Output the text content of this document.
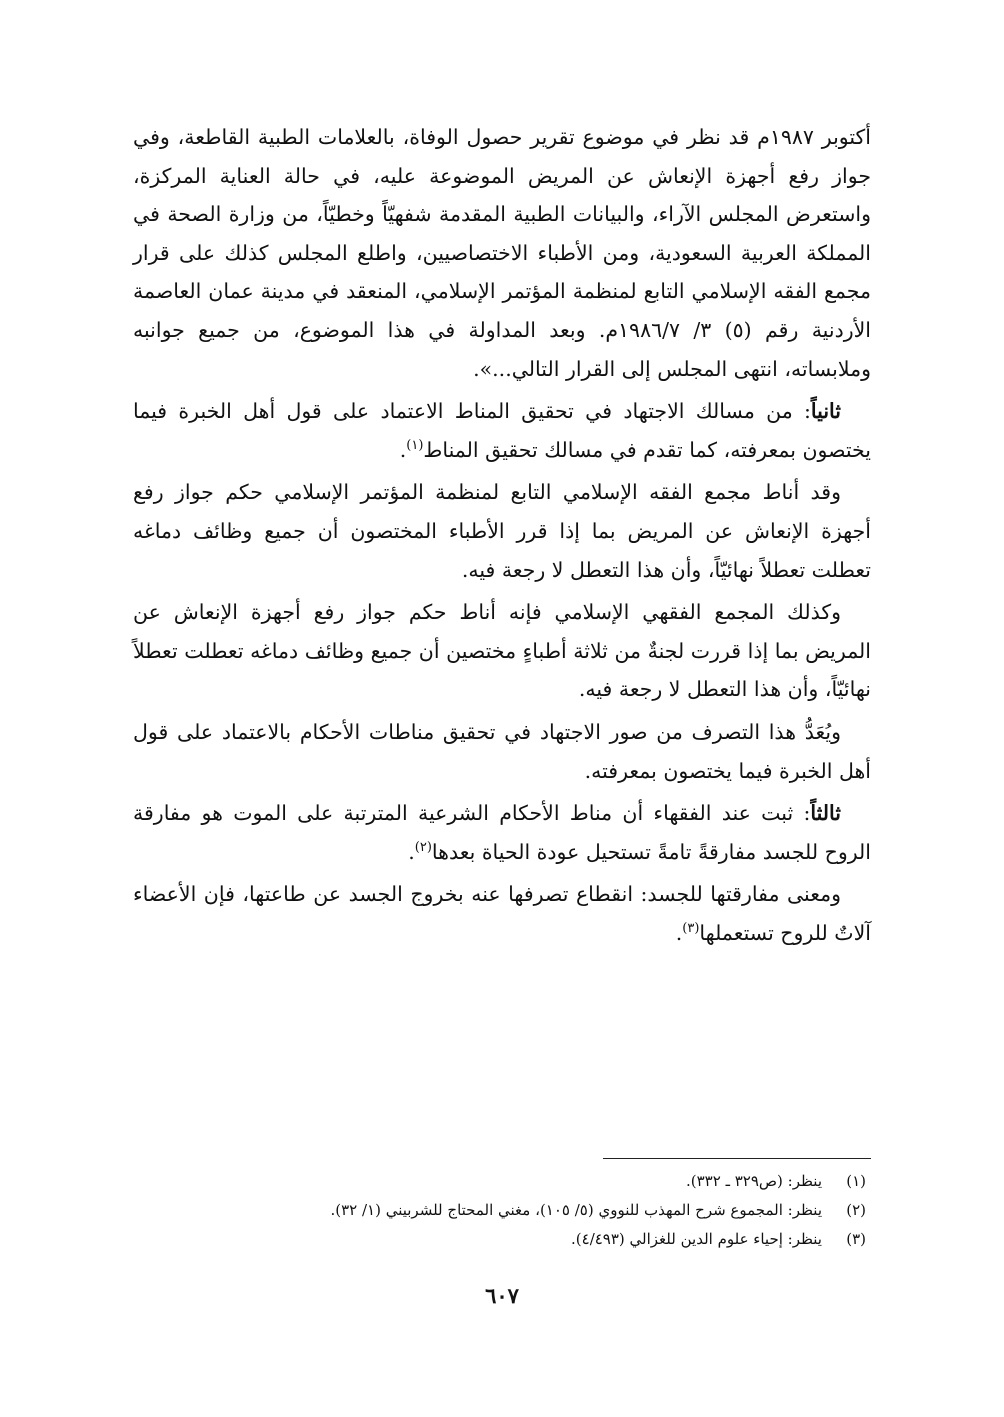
أكتوبر ١٩٨٧م قد نظر في موضوع تقرير حصول الوفاة، بالعلامات الطبية القاطعة، وفي جواز رفع أجهزة الإنعاش عن المريض الموضوعة عليه، في حالة العناية المركزة، واستعرض المجلس الآراء، والبيانات الطبية المقدمة شفهيّاً وخطيّاً، من وزارة الصحة في المملكة العربية السعودية، ومن الأطباء الاختصاصيين، واطلع المجلس كذلك على قرار مجمع الفقه الإسلامي التابع لمنظمة المؤتمر الإسلامي، المنعقد في مدينة عمان العاصمة الأردنية رقم (٥) ٣/ ١٩٨٦/٧م. وبعد المداولة في هذا الموضوع، من جميع جوانبه وملابساته، انتهى المجلس إلى القرار التالي...».

ثانياً: من مسالك الاجتهاد في تحقيق المناط الاعتماد على قول أهل الخبرة فيما يختصون بمعرفته، كما تقدم في مسالك تحقيق المناط$^{(١)}$.

وقد أناط مجمع الفقه الإسلامي التابع لمنظمة المؤتمر الإسلامي حكم جواز رفع أجهزة الإنعاش عن المريض بما إذا قرر الأطباء المختصون أن جميع وظائف دماغه تعطلت تعطلاً نهائيّاً، وأن هذا التعطل لا رجعة فيه.

وكذلك المجمع الفقهي الإسلامي فإنه أناط حكم جواز رفع أجهزة الإنعاش عن المريض بما إذا قررت لجنةٌ من ثلاثة أطباءٍ مختصين أن جميع وظائف دماغه تعطلت تعطلاً نهائيّاً، وأن هذا التعطل لا رجعة فيه.

ويُعَدُّ هذا التصرف من صور الاجتهاد في تحقيق مناطات الأحكام بالاعتماد على قول أهل الخبرة فيما يختصون بمعرفته.

ثالثاً: ثبت عند الفقهاء أن مناط الأحكام الشرعية المترتبة على الموت هو مفارقة الروح للجسد مفارقةً تامةً تستحيل عودة الحياة بعدها$^{(٢)}$.

ومعنى مفارقتها للجسد: انقطاع تصرفها عنه بخروج الجسد عن طاعتها، فإن الأعضاء آلاتٌ للروح تستعملها$^{(٣)}$.

(١)ينظر: (ص٣٢٩ ـ ٣٣٢).

(٢)ينظر: المجموع شرح المهذب للنووي (٥/ ١٠٥)، مغني المحتاج للشربيني (١/ ٣٢).

(٣)ينظر: إحياء علوم الدين للغزالي (٤/٤٩٣).

٦٠٧
